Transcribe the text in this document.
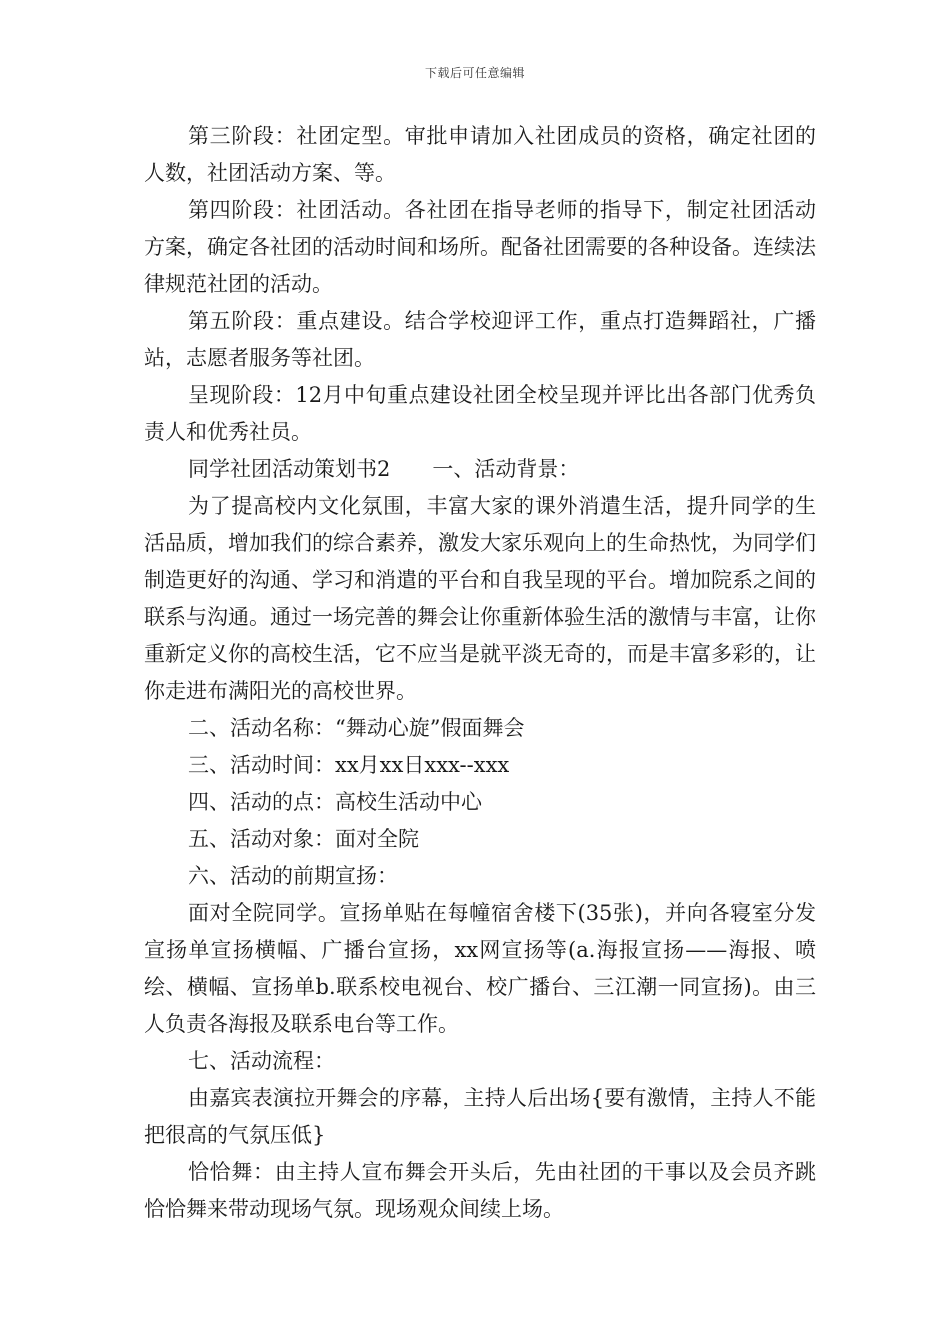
下载后可任意编辑

第三阶段：社团定型。审批申请加入社团成员的资格，确定社团的人数，社团活动方案、等。

第四阶段：社团活动。各社团在指导老师的指导下，制定社团活动方案，确定各社团的活动时间和场所。配备社团需要的各种设备。连续法律规范社团的活动。

第五阶段：重点建设。结合学校迎评工作，重点打造舞蹈社，广播站，志愿者服务等社团。

呈现阶段：12月中旬重点建设社团全校呈现并评比出各部门优秀负责人和优秀社员。

同学社团活动策划书2　　一、活动背景：

为了提高校内文化氛围，丰富大家的课外消遣生活，提升同学的生活品质，增加我们的综合素养，激发大家乐观向上的生命热忱，为同学们制造更好的沟通、学习和消遣的平台和自我呈现的平台。增加院系之间的联系与沟通。通过一场完善的舞会让你重新体验生活的激情与丰富，让你重新定义你的高校生活，它不应当是就平淡无奇的，而是丰富多彩的，让你走进布满阳光的高校世界。

二、活动名称：“舞动心旋”假面舞会

三、活动时间：xx月xx日xxx--xxx

四、活动的点：高校生活动中心

五、活动对象：面对全院

六、活动的前期宣扬：

面对全院同学。宣扬单贴在每幢宿舍楼下(35张)，并向各寝室分发宣扬单宣扬横幅、广播台宣扬，xx网宣扬等(a.海报宣扬——海报、喷绘、横幅、宣扬单b.联系校电视台、校广播台、三江潮一同宣扬)。由三人负责各海报及联系电台等工作。

七、活动流程：

由嘉宾表演拉开舞会的序幕，主持人后出场{要有激情，主持人不能把很高的气氛压低}

恰恰舞：由主持人宣布舞会开头后，先由社团的干事以及会员齐跳恰恰舞来带动现场气氛。现场观众间续上场。
